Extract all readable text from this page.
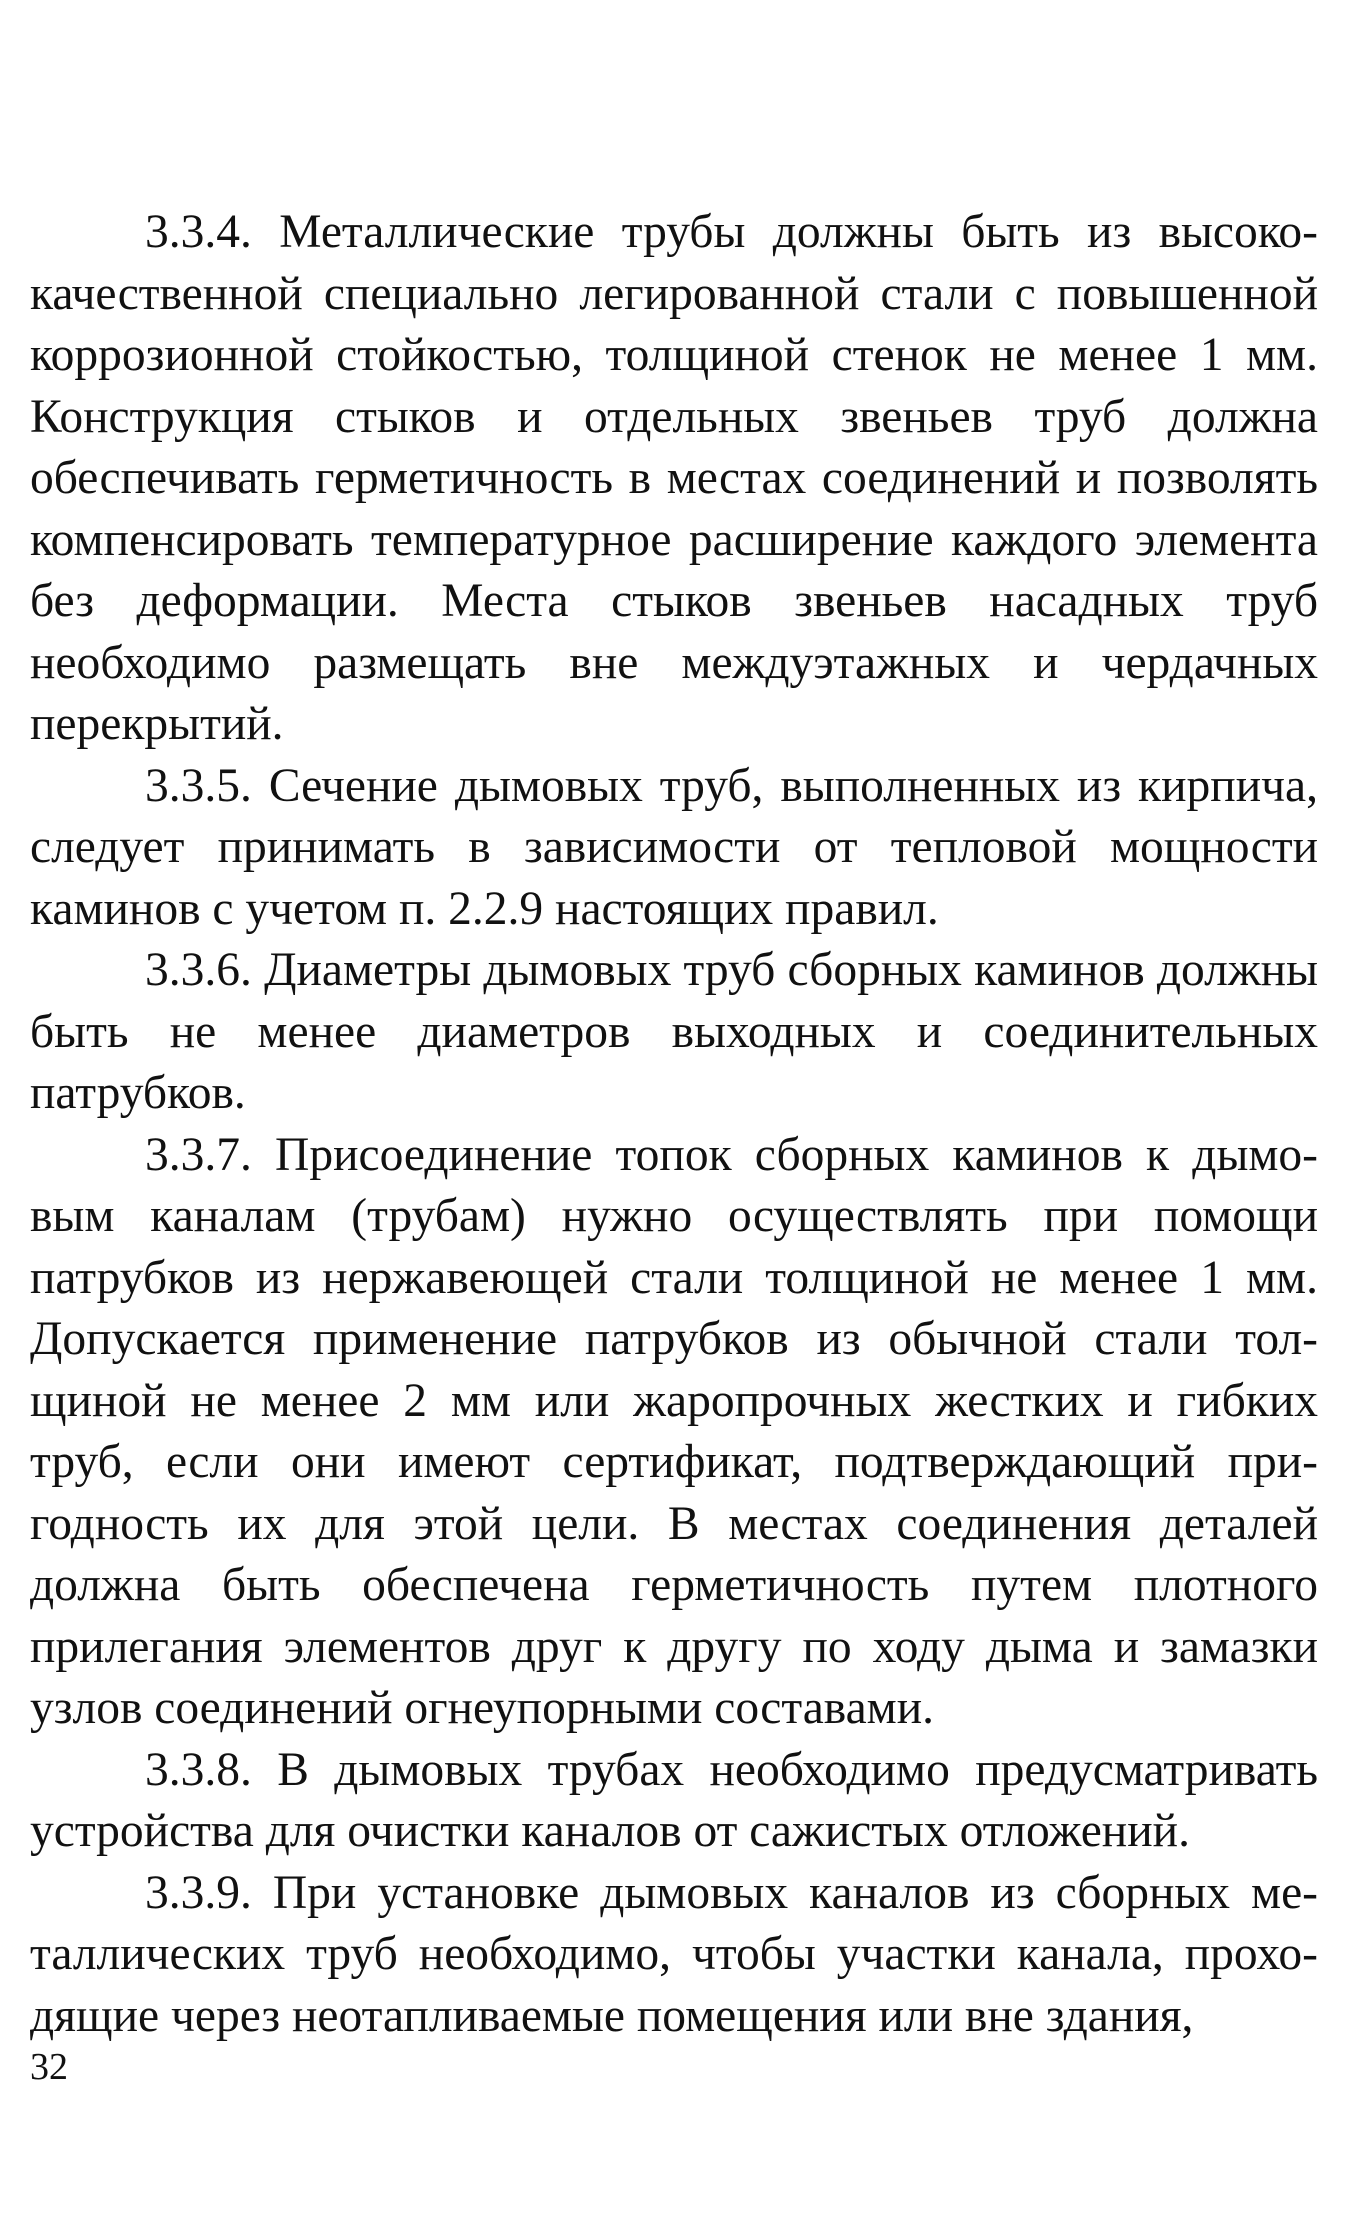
3.3.4. Металлические трубы должны быть из высококачественной специально легированной стали с повышенной коррозионной стойкостью, толщиной стенок не менее 1 мм. Конструкция стыков и отдельных звеньев труб должна обеспечивать герметичность в местах соединений и позволять компенсировать температурное расширение каждого элемента без деформации. Места стыков звеньев насадных труб необходимо размещать вне междуэтажных и чердачных перекрытий.

3.3.5. Сечение дымовых труб, выполненных из кирпича, следует принимать в зависимости от тепловой мощности каминов с учетом п. 2.2.9 настоящих правил.

3.3.6. Диаметры дымовых труб сборных каминов должны быть не менее диаметров выходных и соединительных патрубков.

3.3.7. Присоединение топок сборных каминов к дымовым каналам (трубам) нужно осуществлять при помощи патрубков из нержавеющей стали толщиной не менее 1 мм. Допускается применение патрубков из обычной стали толщиной не менее 2 мм или жаропрочных жестких и гибких труб, если они имеют сертификат, подтверждающий пригодность их для этой цели. В местах соединения деталей должна быть обеспечена герметичность путем плотного прилегания элементов друг к другу по ходу дыма и замазки узлов соединений огнеупорными составами.

3.3.8. В дымовых трубах необходимо предусматривать устройства для очистки каналов от сажистых отложений.

3.3.9. При установке дымовых каналов из сборных металлических труб необходимо, чтобы участки канала, проходящие через неотапливаемые помещения или вне здания,

32
